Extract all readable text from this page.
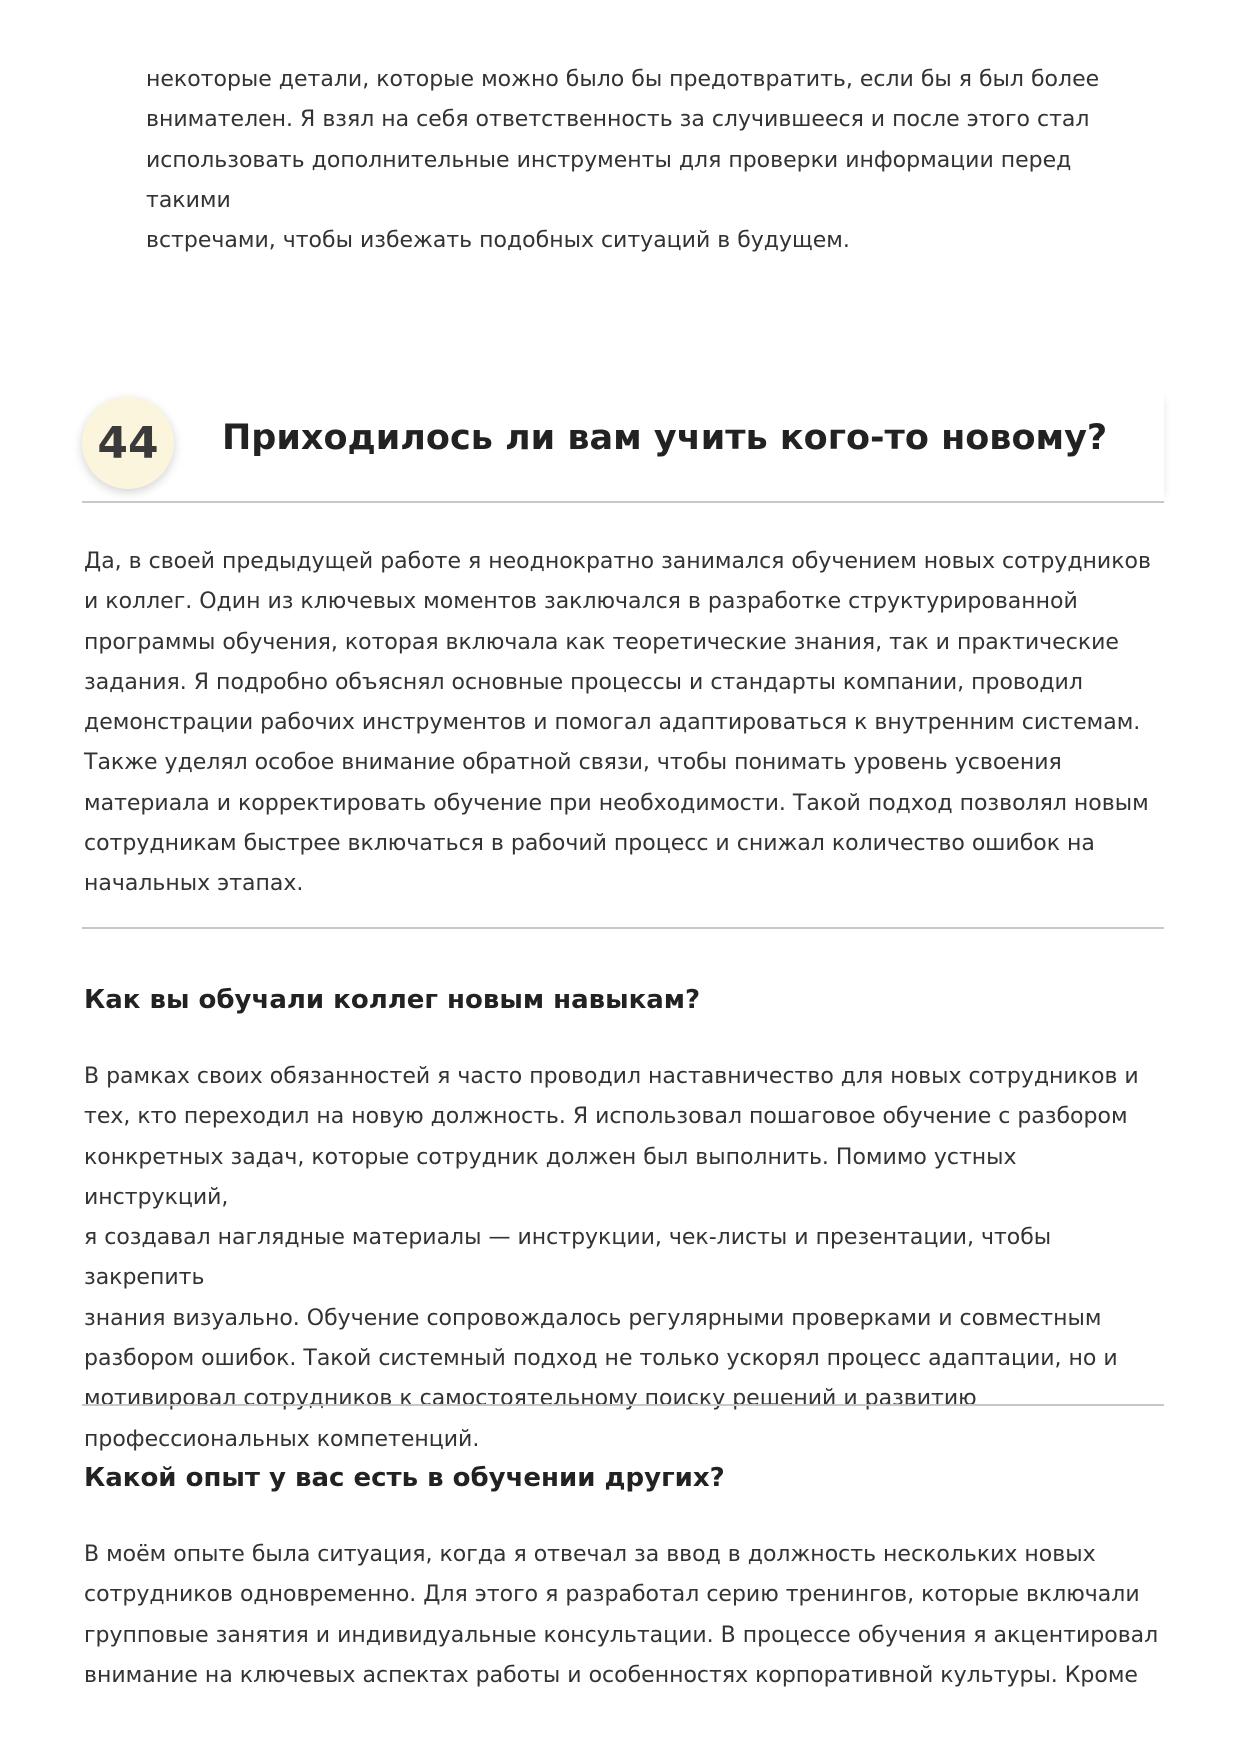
некоторые детали, которые можно было бы предотвратить, если бы я был более
внимателен. Я взял на себя ответственность за случившееся и после этого стал
использовать дополнительные инструменты для проверки информации перед такими
встречами, чтобы избежать подобных ситуаций в будущем.
44	Приходилось ли вам учить кого-то новому?
Да, в своей предыдущей работе я неоднократно занимался обучением новых сотрудников
и коллег. Один из ключевых моментов заключался в разработке структурированной
программы обучения, которая включала как теоретические знания, так и практические
задания. Я подробно объяснял основные процессы и стандарты компании, проводил
демонстрации рабочих инструментов и помогал адаптироваться к внутренним системам.
Также уделял особое внимание обратной связи, чтобы понимать уровень усвоения
материала и корректировать обучение при необходимости. Такой подход позволял новым
сотрудникам быстрее включаться в рабочий процесс и снижал количество ошибок на
начальных этапах.
Как вы обучали коллег новым навыкам?
В рамках своих обязанностей я часто проводил наставничество для новых сотрудников и
тех, кто переходил на новую должность. Я использовал пошаговое обучение с разбором
конкретных задач, которые сотрудник должен был выполнить. Помимо устных инструкций,
я создавал наглядные материалы — инструкции, чек-листы и презентации, чтобы закрепить
знания визуально. Обучение сопровождалось регулярными проверками и совместным
разбором ошибок. Такой системный подход не только ускорял процесс адаптации, но и
мотивировал сотрудников к самостоятельному поиску решений и развитию
профессиональных компетенций.
Какой опыт у вас есть в обучении других?
В моём опыте была ситуация, когда я отвечал за ввод в должность нескольких новых
сотрудников одновременно. Для этого я разработал серию тренингов, которые включали
групповые занятия и индивидуальные консультации. В процессе обучения я акцентировал
внимание на ключевых аспектах работы и особенностях корпоративной культуры. Кроме
